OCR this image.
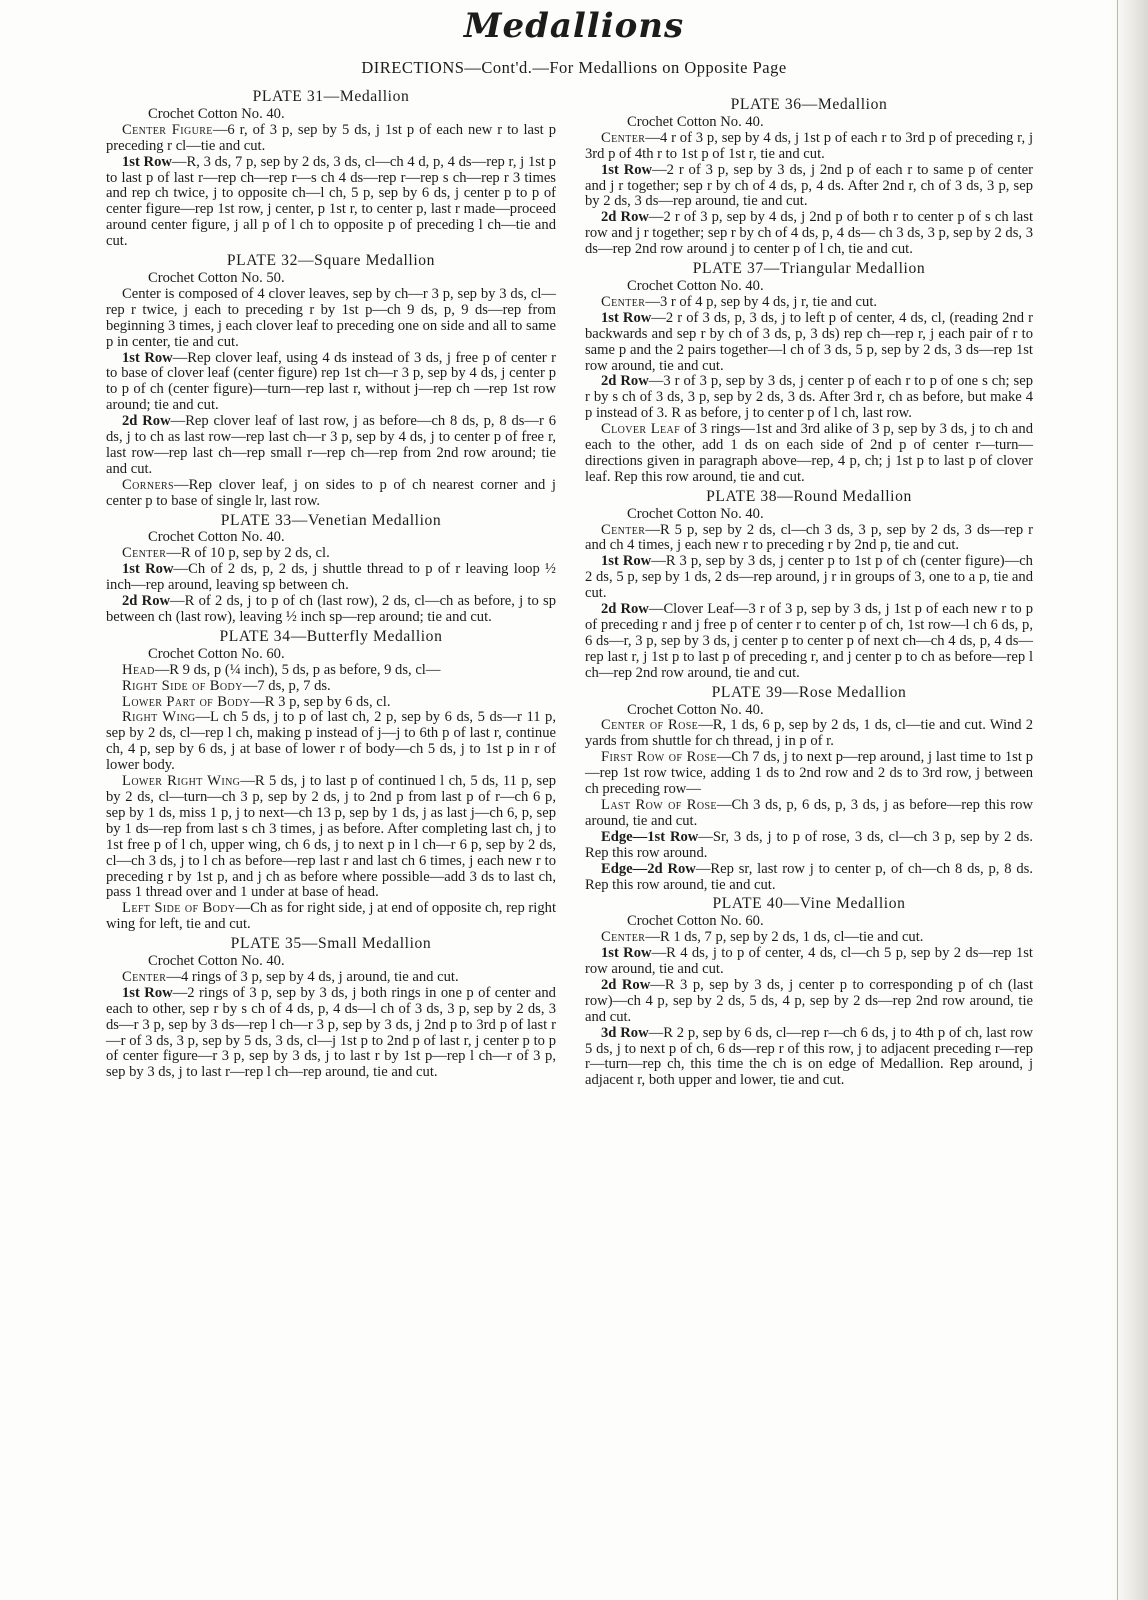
Medallions
DIRECTIONS—Cont'd.—For Medallions on Opposite Page
PLATE 31—Medallion

Crochet Cotton No. 40.

Center Figure—6 r, of 3 p, sep by 5 ds, j 1st p of each new r to last p preceding r cl—tie and cut.

1st Row—R, 3 ds, 7 p, sep by 2 ds, 3 ds, cl—ch 4 d, p, 4 ds—rep r, j 1st p to last p of last r—rep ch—rep r—s ch 4 ds—rep r—rep s ch—rep r 3 times and rep ch twice, j to opposite ch—l ch, 5 p, sep by 6 ds, j center p to p of center figure—rep 1st row, j center, p 1st r, to center p, last r made—proceed around center figure, j all p of l ch to opposite p of preceding l ch—tie and cut.

PLATE 32—Square Medallion

Crochet Cotton No. 50.

Center is composed of 4 clover leaves, sep by ch—r 3 p, sep by 3 ds, cl—rep r twice, j each to preceding r by 1st p—ch 9 ds, p, 9 ds—rep from beginning 3 times, j each clover leaf to preceding one on side and all to same p in center, tie and cut.

1st Row—Rep clover leaf, using 4 ds instead of 3 ds, j free p of center r to base of clover leaf (center figure) rep 1st ch—r 3 p, sep by 4 ds, j center p to p of ch (center figure)—turn—rep last r, without j—rep ch —rep 1st row around; tie and cut.

2d Row—Rep clover leaf of last row, j as before—ch 8 ds, p, 8 ds—r 6 ds, j to ch as last row—rep last ch—r 3 p, sep by 4 ds, j to center p of free r, last row—rep last ch—rep small r—rep ch—rep from 2nd row around; tie and cut.

Corners—Rep clover leaf, j on sides to p of ch nearest corner and j center p to base of single lr, last row.

PLATE 33—Venetian Medallion

Crochet Cotton No. 40.

Center—R of 10 p, sep by 2 ds, cl.

1st Row—Ch of 2 ds, p, 2 ds, j shuttle thread to p of r leaving loop ½ inch—rep around, leaving sp between ch.

2d Row—R of 2 ds, j to p of ch (last row), 2 ds, cl—ch as before, j to sp between ch (last row), leaving ½ inch sp—rep around; tie and cut.

PLATE 34—Butterfly Medallion

Crochet Cotton No. 60.

Head—R 9 ds, p (¼ inch), 5 ds, p as before, 9 ds, cl—

Right Side of Body—7 ds, p, 7 ds.

Lower Part of Body—R 3 p, sep by 6 ds, cl.

Right Wing—L ch 5 ds, j to p of last ch, 2 p, sep by 6 ds, 5 ds—r 11 p, sep by 2 ds, cl—rep l ch, making p instead of j—j to 6th p of last r, continue ch, 4 p, sep by 6 ds, j at base of lower r of body—ch 5 ds, j to 1st p in r of lower body.

Lower Right Wing—R 5 ds, j to last p of continued l ch, 5 ds, 11 p, sep by 2 ds, cl—turn—ch 3 p, sep by 2 ds, j to 2nd p from last p of r—ch 6 p, sep by 1 ds, miss 1 p, j to next—ch 13 p, sep by 1 ds, j as last j—ch 6, p, sep by 1 ds—rep from last s ch 3 times, j as before. After completing last ch, j to 1st free p of l ch, upper wing, ch 6 ds, j to next p in l ch—r 6 p, sep by 2 ds, cl—ch 3 ds, j to l ch as before—rep last r and last ch 6 times, j each new r to preceding r by 1st p, and j ch as before where possible—add 3 ds to last ch, pass 1 thread over and 1 under at base of head.

Left Side of Body—Ch as for right side, j at end of opposite ch, rep right wing for left, tie and cut.

PLATE 35—Small Medallion

Crochet Cotton No. 40.

Center—4 rings of 3 p, sep by 4 ds, j around, tie and cut.

1st Row—2 rings of 3 p, sep by 3 ds, j both rings in one p of center and each to other, sep r by s ch of 4 ds, p, 4 ds—l ch of 3 ds, 3 p, sep by 2 ds, 3 ds—r 3 p, sep by 3 ds—rep l ch—r 3 p, sep by 3 ds, j 2nd p to 3rd p of last r—r of 3 ds, 3 p, sep by 5 ds, 3 ds, cl—j 1st p to 2nd p of last r, j center p to p of center figure—r 3 p, sep by 3 ds, j to last r by 1st p—rep l ch—r of 3 p, sep by 3 ds, j to last r—rep l ch—rep around, tie and cut.

PLATE 36—Medallion

Crochet Cotton No. 40.

Center—4 r of 3 p, sep by 4 ds, j 1st p of each r to 3rd p of preceding r, j 3rd p of 4th r to 1st p of 1st r, tie and cut.

1st Row—2 r of 3 p, sep by 3 ds, j 2nd p of each r to same p of center and j r together; sep r by ch of 4 ds, p, 4 ds. After 2nd r, ch of 3 ds, 3 p, sep by 2 ds, 3 ds—rep around, tie and cut.

2d Row—2 r of 3 p, sep by 4 ds, j 2nd p of both r to center p of s ch last row and j r together; sep r by ch of 4 ds, p, 4 ds— ch 3 ds, 3 p, sep by 2 ds, 3 ds—rep 2nd row around j to center p of l ch, tie and cut.

PLATE 37—Triangular Medallion

Crochet Cotton No. 40.

Center—3 r of 4 p, sep by 4 ds, j r, tie and cut.

1st Row—2 r of 3 ds, p, 3 ds, j to left p of center, 4 ds, cl, (reading 2nd r backwards and sep r by ch of 3 ds, p, 3 ds) rep ch—rep r, j each pair of r to same p and the 2 pairs together—l ch of 3 ds, 5 p, sep by 2 ds, 3 ds—rep 1st row around, tie and cut.

2d Row—3 r of 3 p, sep by 3 ds, j center p of each r to p of one s ch; sep r by s ch of 3 ds, 3 p, sep by 2 ds, 3 ds. After 3rd r, ch as before, but make 4 p instead of 3. R as before, j to center p of l ch, last row.

Clover Leaf of 3 rings—1st and 3rd alike of 3 p, sep by 3 ds, j to ch and each to the other, add 1 ds on each side of 2nd p of center r—turn—directions given in paragraph above—rep, 4 p, ch; j 1st p to last p of clover leaf. Rep this row around, tie and cut.

PLATE 38—Round Medallion

Crochet Cotton No. 40.

Center—R 5 p, sep by 2 ds, cl—ch 3 ds, 3 p, sep by 2 ds, 3 ds—rep r and ch 4 times, j each new r to preceding r by 2nd p, tie and cut.

1st Row—R 3 p, sep by 3 ds, j center p to 1st p of ch (center figure)—ch 2 ds, 5 p, sep by 1 ds, 2 ds—rep around, j r in groups of 3, one to a p, tie and cut.

2d Row—Clover Leaf—3 r of 3 p, sep by 3 ds, j 1st p of each new r to p of preceding r and j free p of center r to center p of ch, 1st row—l ch 6 ds, p, 6 ds—r, 3 p, sep by 3 ds, j center p to center p of next ch—ch 4 ds, p, 4 ds—rep last r, j 1st p to last p of preceding r, and j center p to ch as before—rep l ch—rep 2nd row around, tie and cut.

PLATE 39—Rose Medallion

Crochet Cotton No. 40.

Center of Rose—R, 1 ds, 6 p, sep by 2 ds, 1 ds, cl—tie and cut. Wind 2 yards from shuttle for ch thread, j in p of r.

First Row of Rose—Ch 7 ds, j to next p—rep around, j last time to 1st p—rep 1st row twice, adding 1 ds to 2nd row and 2 ds to 3rd row, j between ch preceding row—

Last Row of Rose—Ch 3 ds, p, 6 ds, p, 3 ds, j as before—rep this row around, tie and cut.

Edge—1st Row—Sr, 3 ds, j to p of rose, 3 ds, cl—ch 3 p, sep by 2 ds. Rep this row around.

Edge—2d Row—Rep sr, last row j to center p, of ch—ch 8 ds, p, 8 ds. Rep this row around, tie and cut.

PLATE 40—Vine Medallion

Crochet Cotton No. 60.

Center—R 1 ds, 7 p, sep by 2 ds, 1 ds, cl—tie and cut.

1st Row—R 4 ds, j to p of center, 4 ds, cl—ch 5 p, sep by 2 ds—rep 1st row around, tie and cut.

2d Row—R 3 p, sep by 3 ds, j center p to corresponding p of ch (last row)—ch 4 p, sep by 2 ds, 5 ds, 4 p, sep by 2 ds—rep 2nd row around, tie and cut.

3d Row—R 2 p, sep by 6 ds, cl—rep r—ch 6 ds, j to 4th p of ch, last row 5 ds, j to next p of ch, 6 ds—rep r of this row, j to adjacent preceding r—rep r—turn—rep ch, this time the ch is on edge of Medallion. Rep around, j adjacent r, both upper and lower, tie and cut.
